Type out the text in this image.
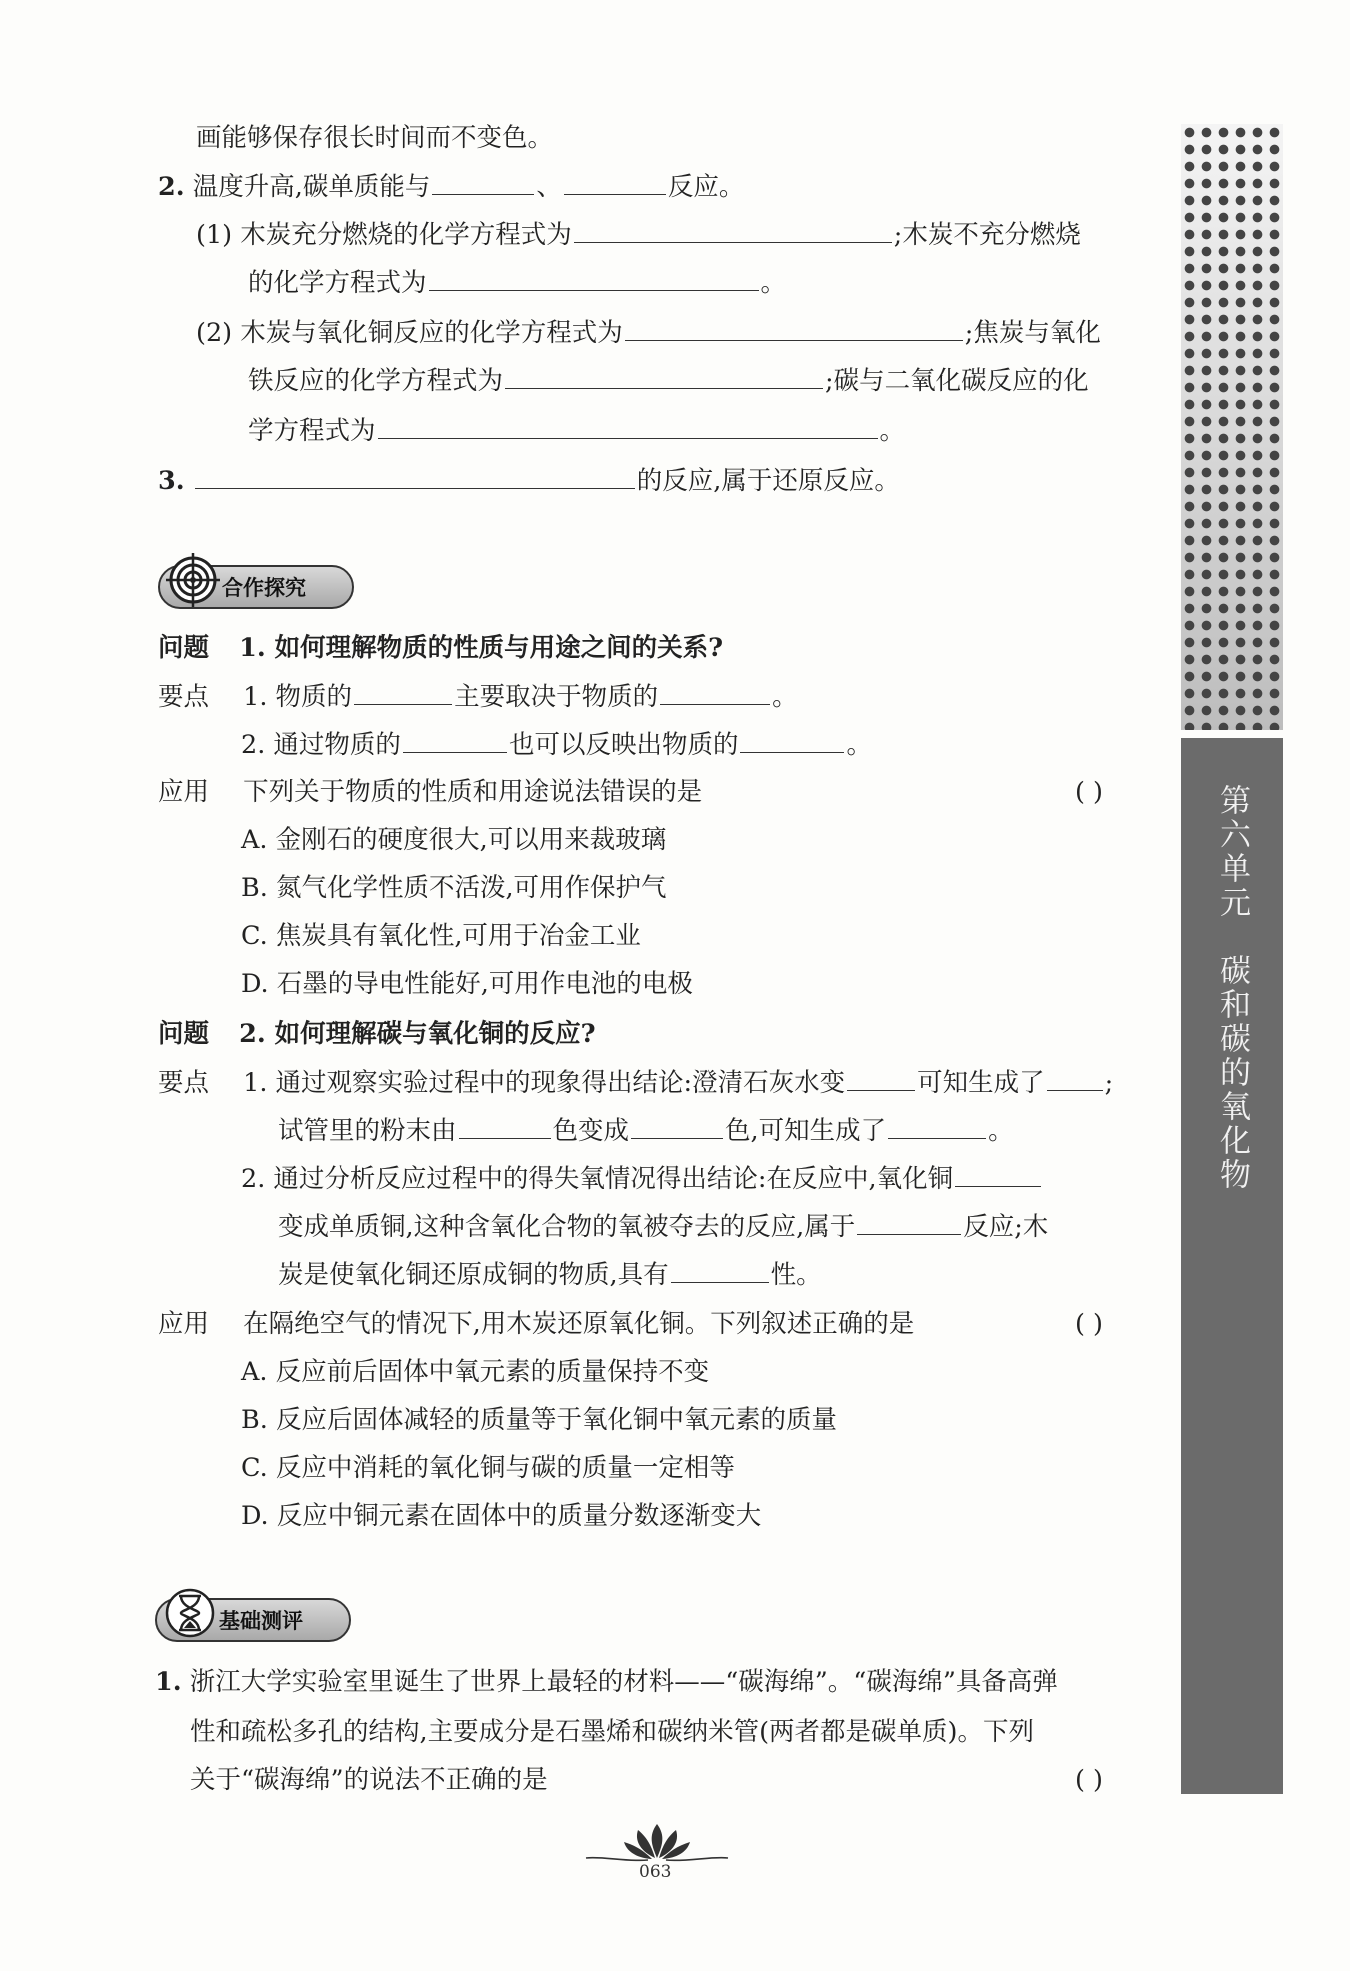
画能够保存很长时间而不变色。
2. 温度升高,碳单质能与	、	反应。
(1) 木炭充分燃烧的化学方程式为	;木炭不充分燃烧
的化学方程式为	。
(2) 木炭与氧化铜反应的化学方程式为	;焦炭与氧化
铁反应的化学方程式为	;碳与二氧化碳反应的化
学方程式为	。
3.	的反应,属于还原反应。
合作探究
问题 1. 如何理解物质的性质与用途之间的关系?
要点 1. 物质的	主要取决于物质的	。
2. 通过物质的	也可以反映出物质的	。
应用 下列关于物质的性质和用途说法错误的是	( )
A. 金刚石的硬度很大,可以用来裁玻璃
B. 氮气化学性质不活泼,可用作保护气
C. 焦炭具有氧化性,可用于冶金工业
D. 石墨的导电性能好,可用作电池的电极
问题 2. 如何理解碳与氧化铜的反应?
要点 1. 通过观察实验过程中的现象得出结论:澄清石灰水变	可知生成了 ;
试管里的粉末由	色变成	色,可知生成了	。
2. 通过分析反应过程中的得失氧情况得出结论:在反应中,氧化铜
变成单质铜,这种含氧化合物的氧被夺去的反应,属于	反应;木
炭是使氧化铜还原成铜的物质,具有	性。
应用 在隔绝空气的情况下,用木炭还原氧化铜。下列叙述正确的是	( )
A. 反应前后固体中氧元素的质量保持不变
B. 反应后固体减轻的质量等于氧化铜中氧元素的质量
C. 反应中消耗的氧化铜与碳的质量一定相等
D. 反应中铜元素在固体中的质量分数逐渐变大
基础测评
1. 浙江大学实验室里诞生了世界上最轻的材料——“碳海绵”。“碳海绵”具备高弹
性和疏松多孔的结构,主要成分是石墨烯和碳纳米管(两者都是碳单质)。下列
关于“碳海绵”的说法不正确的是	( )
第六单元　碳和碳的氧化物
063
